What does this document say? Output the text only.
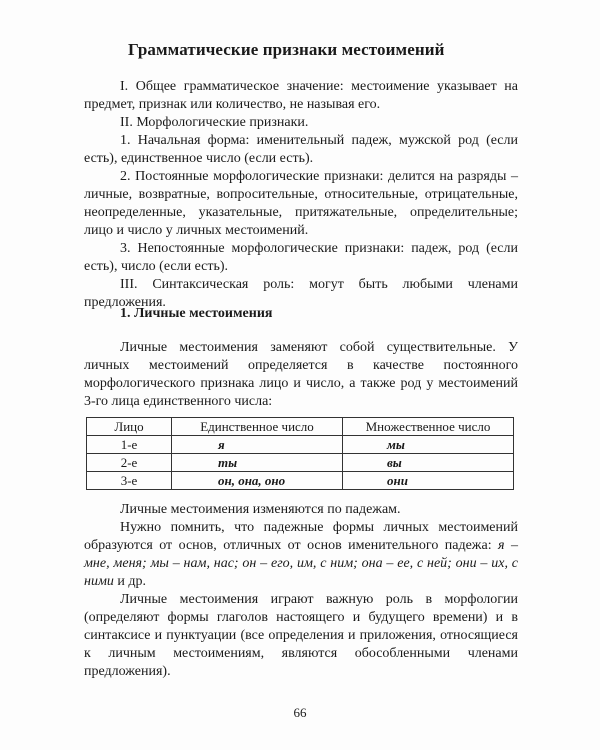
Грамматические признаки местоимений

I. Общее грамматическое значение: местоимение указывает на предмет, признак или количество, не называя его.

II. Морфологические признаки.

1. Начальная форма: именительный падеж, мужской род (если есть), единственное число (если есть).

2. Постоянные морфологические признаки: делится на разряды – личные, возвратные, вопросительные, относительные, отрицательные, неопределенные, указательные, притяжательные, определительные; лицо и число у личных местоимений.

3. Непостоянные морфологические признаки: падеж, род (если есть), число (если есть).

III. Синтаксическая роль: могут быть любыми членами предложения.

1. Личные местоимения

Личные местоимения заменяют собой существительные. У личных местоимений определяется в качестве постоянного морфологического признака лицо и число, а также род у местоимений 3-го лица единственного числа:

Лицо	Единственное число	Множественное число
1-е	я	мы
2-е	ты	вы
3-е	он, она, оно	они

Личные местоимения изменяются по падежам.

Нужно помнить, что падежные формы личных местоимений образуются от основ, отличных от основ именительного падежа: я – мне, меня; мы – нам, нас; он – его, им, с ним; она – ее, с ней; они – их, с ними и др.

Личные местоимения играют важную роль в морфологии (определяют формы глаголов настоящего и будущего времени) и в синтаксисе и пунктуации (все определения и приложения, относящиеся к личным местоимениям, являются обособленными членами предложения).

66
